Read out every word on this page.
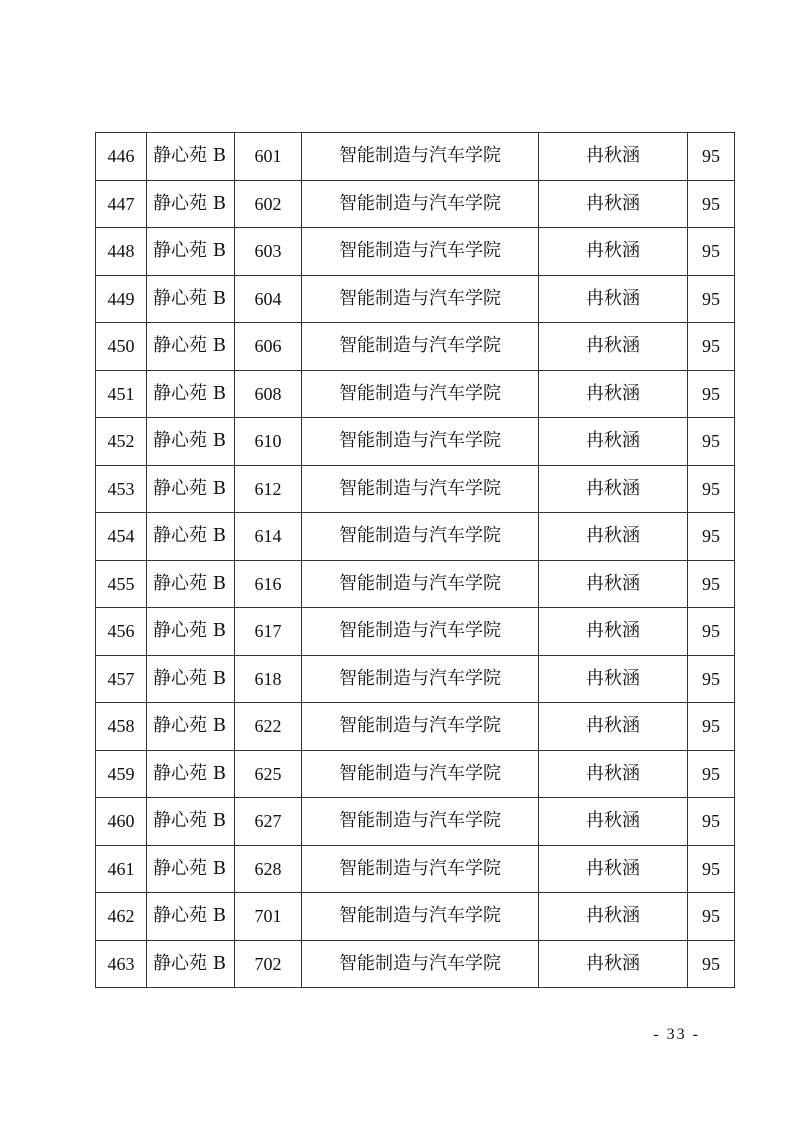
446	静心苑 B	601	智能制造与汽车学院	冉秋涵	95
447	静心苑 B	602	智能制造与汽车学院	冉秋涵	95
448	静心苑 B	603	智能制造与汽车学院	冉秋涵	95
449	静心苑 B	604	智能制造与汽车学院	冉秋涵	95
450	静心苑 B	606	智能制造与汽车学院	冉秋涵	95
451	静心苑 B	608	智能制造与汽车学院	冉秋涵	95
452	静心苑 B	610	智能制造与汽车学院	冉秋涵	95
453	静心苑 B	612	智能制造与汽车学院	冉秋涵	95
454	静心苑 B	614	智能制造与汽车学院	冉秋涵	95
455	静心苑 B	616	智能制造与汽车学院	冉秋涵	95
456	静心苑 B	617	智能制造与汽车学院	冉秋涵	95
457	静心苑 B	618	智能制造与汽车学院	冉秋涵	95
458	静心苑 B	622	智能制造与汽车学院	冉秋涵	95
459	静心苑 B	625	智能制造与汽车学院	冉秋涵	95
460	静心苑 B	627	智能制造与汽车学院	冉秋涵	95
461	静心苑 B	628	智能制造与汽车学院	冉秋涵	95
462	静心苑 B	701	智能制造与汽车学院	冉秋涵	95
463	静心苑 B	702	智能制造与汽车学院	冉秋涵	95
- 33 -
